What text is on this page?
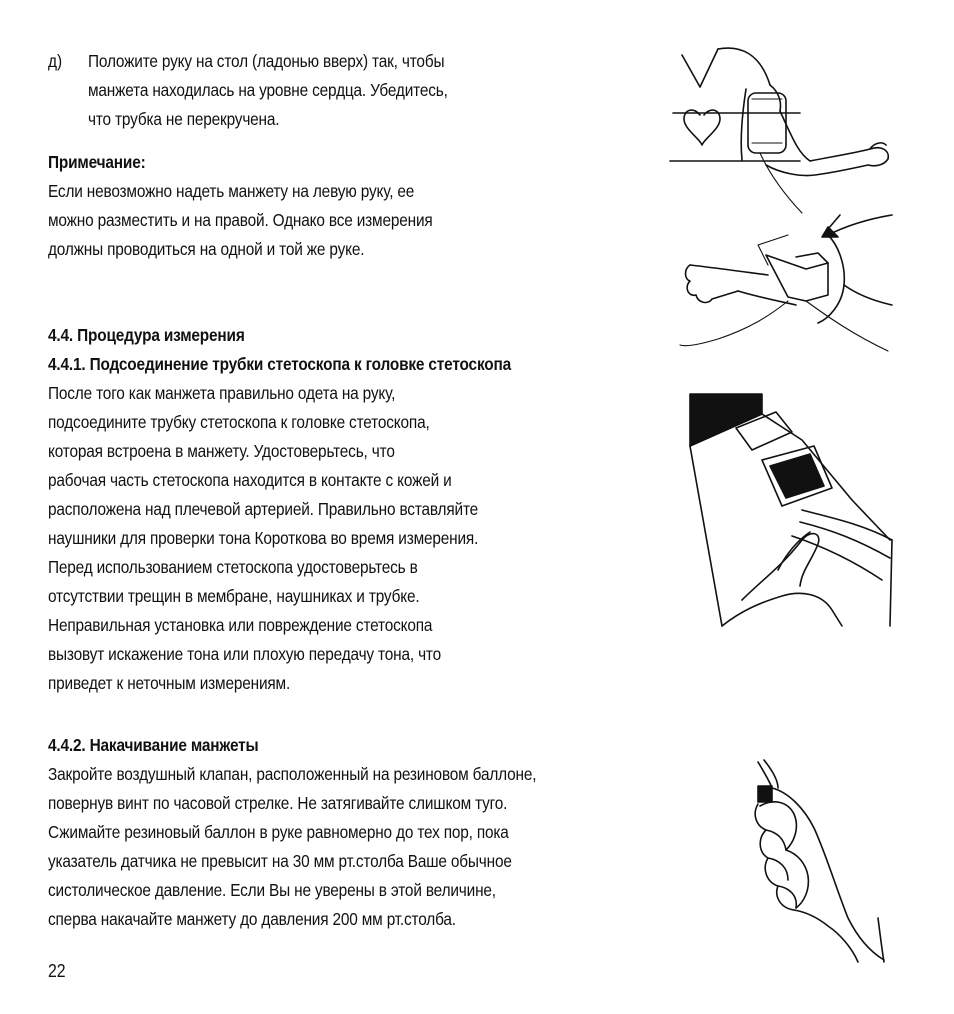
д) Положите руку на стол (ладонью вверх) так, чтобы
манжета находилась на уровне сердца. Убедитесь,
что трубка не перекручена.
Примечание:
Если невозможно надеть манжету на левую руку, ее
можно разместить и на правой. Однако все измерения
должны проводиться на одной и той же руке.
4.4. Процедура измерения
4.4.1. Подсоединение трубки стетоскопа к головке стетоскопа
После того как манжета правильно одета на руку,
подсоедините трубку стетоскопа к головке стетоскопа,
которая встроена в манжету. Удостоверьтесь, что
рабочая часть стетоскопа находится в контакте с кожей и
расположена над плечевой артерией. Правильно вставляйте
наушники для проверки тона Короткова во время измерения.
Перед использованием стетоскопа удостоверьтесь в
отсутствии трещин в мембране, наушниках и трубке.
Неправильная установка или повреждение стетоскопа
вызовут искажение тона или плохую передачу тона, что
приведет к неточным измерениям.
4.4.2. Накачивание манжеты
Закройте воздушный клапан, расположенный на резиновом баллоне,
повернув винт по часовой стрелке. Не затягивайте слишком туго.
Сжимайте резиновый баллон в руке равномерно до тех пор, пока
указатель датчика не превысит на 30 мм рт.столба Ваше обычное
систолическое давление. Если Вы не уверены в этой величине,
сперва накачайте манжету до давления 200 мм рт.столба.
22
